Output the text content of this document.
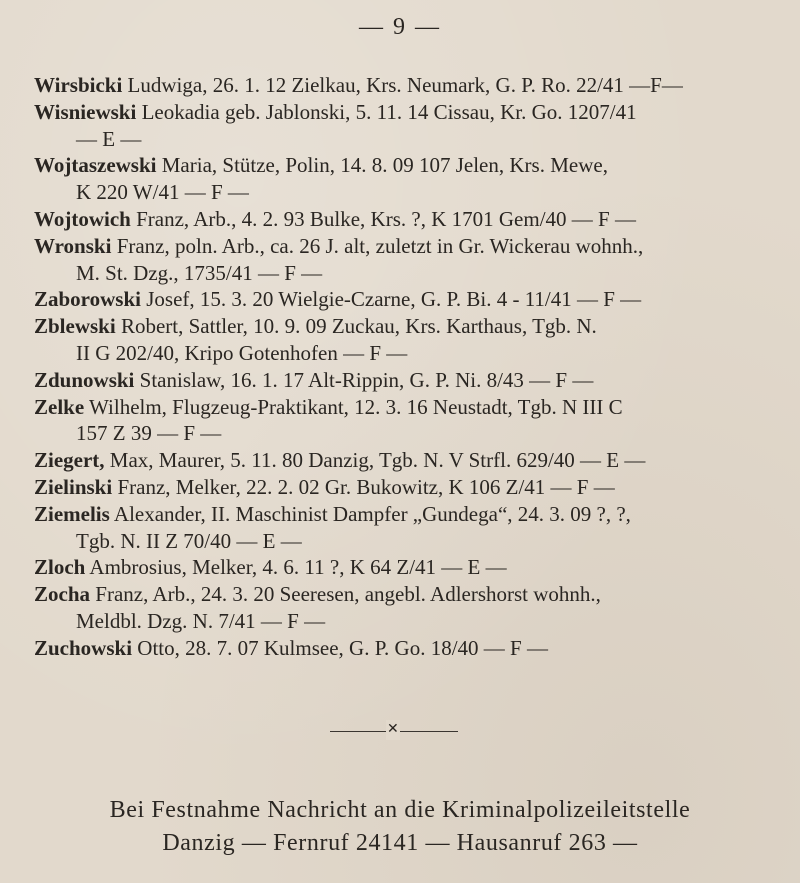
— 9 —

Wirsbicki Ludwiga, 26. 1. 12 Zielkau, Krs. Neumark, G. P. Ro. 22/41 —F—

Wisniewski Leokadia geb. Jablonski, 5. 11. 14 Cissau, Kr. Go. 1207/41
— E —

Wojtaszewski Maria, Stütze, Polin, 14. 8. 09 107 Jelen, Krs. Mewe,
K 220 W/41 — F —

Wojtowich Franz, Arb., 4. 2. 93 Bulke, Krs. ?, K 1701 Gem/40 — F —

Wronski Franz, poln. Arb., ca. 26 J. alt, zuletzt in Gr. Wickerau wohnh.,
M. St. Dzg., 1735/41 — F —

Zaborowski Josef, 15. 3. 20 Wielgie-Czarne, G. P. Bi. 4 - 11/41 — F —

Zblewski Robert, Sattler, 10. 9. 09 Zuckau, Krs. Karthaus, Tgb. N.
II G 202/40, Kripo Gotenhofen — F —

Zdunowski Stanislaw, 16. 1. 17 Alt-Rippin, G. P. Ni. 8/43 — F —

Zelke Wilhelm, Flugzeug-Praktikant, 12. 3. 16 Neustadt, Tgb. N III C
157 Z 39 — F —

Ziegert, Max, Maurer, 5. 11. 80 Danzig, Tgb. N. V Strfl. 629/40 — E —

Zielinski Franz, Melker, 22. 2. 02 Gr. Bukowitz, K 106 Z/41 — F —

Ziemelis Alexander, II. Maschinist Dampfer „Gundega“, 24. 3. 09 ?, ?,
Tgb. N. II Z 70/40 — E —

Zloch Ambrosius, Melker, 4. 6. 11 ?, K 64 Z/41 — E —

Zocha Franz, Arb., 24. 3. 20 Seeresen, angebl. Adlershorst wohnh.,
Meldbl. Dzg. N. 7/41 — F —

Zuchowski Otto, 28. 7. 07 Kulmsee, G. P. Go. 18/40 — F —

✕
Bei Festnahme Nachricht an die Kriminalpolizeileitstelle
Danzig — Fernruf 24141 — Hausanruf 263 —
